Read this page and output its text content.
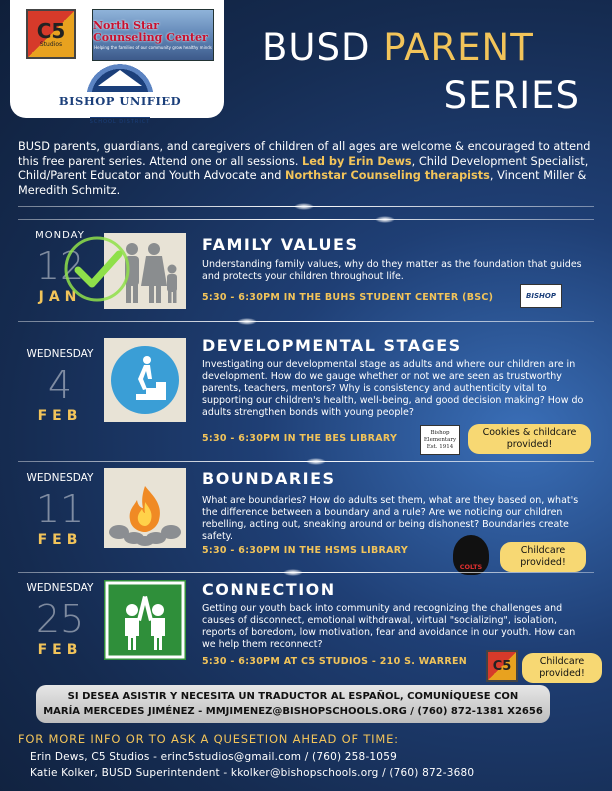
C5
Studios
North Star Counseling Center
Helping the families of our community grow healthy minds
BISHOP UNIFIED
SCHOOL DISTRICT
BUSD PARENT
SERIES
BUSD parents, guardians, and caregivers of children of all ages are welcome & encouraged to attend this free parent series. Attend one or all sessions. Led by Erin Dews, Child Development Specialist, Child/Parent Educator and Youth Advocate and Northstar Counseling therapists, Vincent Miller & Meredith Schmitz.
MONDAY
12
JAN
FAMILY VALUES
Understanding family values, why do they matter as the foundation that guides and protects your children throughout life.
5:30 - 6:30PM IN THE BUHS STUDENT CENTER (BSC)	BISHOP
WEDNESDAY
4
FEB
DEVELOPMENTAL STAGES
Investigating our developmental stage as adults and where our children are in development. How do we gauge whether or not we are seen as trustworthy parents, teachers, mentors? Why is consistency and authenticity vital to supporting our children's health, well-being, and good decision making? How do adults strengthen bonds with young people?
5:30 - 6:30PM IN THE BES LIBRARY
Bishop Elementary Est. 1914
Cookies & childcare provided!
WEDNESDAY
11
FEB
BOUNDARIES
What are boundaries? How do adults set them, what are they based on, what's the difference between a boundary and a rule? Are we noticing our children rebelling, acting out, sneaking around or being dishonest? Boundaries create safety.
5:30 - 6:30PM IN THE HSMS LIBRARY
COLTS
Childcare provided!
WEDNESDAY
25
FEB
CONNECTION
Getting our youth back into community and recognizing the challenges and causes of disconnect, emotional withdrawal, virtual "socializing", isolation, reports of boredom, low motivation, fear and avoidance in our youth. How can we help them reconnect?
5:30 - 6:30PM AT C5 STUDIOS - 210 S. WARREN C5	Childcare provided!
SI DESEA ASISTIR Y NECESITA UN TRADUCTOR AL ESPAÑOL, COMUNÍQUESE CON
MARÍA MERCEDES JIMÉNEZ - MMJIMENEZ@BISHOPSCHOOLS.ORG / (760) 872-1381 X2656
FOR MORE INFO OR TO ASK A QUESETION AHEAD OF TIME:
Erin Dews, C5 Studios - erinc5studios@gmail.com / (760) 258-1059
Katie Kolker, BUSD Superintendent - kkolker@bishopschools.org / (760) 872-3680
